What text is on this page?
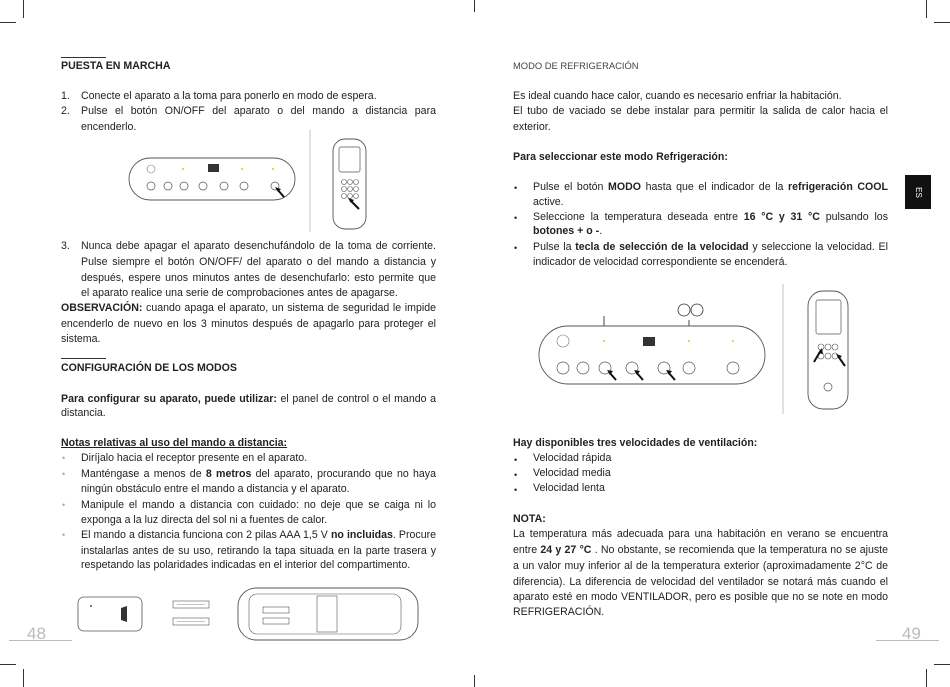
PUESTA EN MARCHA
1. Conecte el aparato a la toma para ponerlo en modo de espera.
2. Pulse el botón ON/OFF del aparato o del mando a distancia para
encenderlo.
3. Nunca debe apagar el aparato desenchufándolo de la toma de corriente.
Pulse siempre el botón ON/OFF/ del aparato o del mando a distancia y
después, espere unos minutos antes de desenchufarlo: esto permite que
el aparato realice una serie de comprobaciones antes de apagarse.
OBSERVACIÓN: cuando apaga el aparato, un sistema de seguridad le impide
encenderlo de nuevo en los 3 minutos después de apagarlo para proteger el
sistema.
CONFIGURACIÓN DE LOS MODOS
Para configurar su aparato, puede utilizar: el panel de control o el mando a
distancia.
Notas relativas al uso del mando a distancia:
• Diríjalo hacia el receptor presente en el aparato.
• Manténgase a menos de 8 metros del aparato, procurando que no haya
ningún obstáculo entre el mando a distancia y el aparato.
• Manipule el mando a distancia con cuidado: no deje que se caiga ni lo
exponga a la luz directa del sol ni a fuentes de calor.
• El mando a distancia funciona con 2 pilas AAA 1,5 V no incluidas. Procure
instalarlas antes de su uso, retirando la tapa situada en la parte trasera y
respetando las polaridades indicadas en el interior del compartimento.
48
MODO DE REFRIGERACIÓN
Es ideal cuando hace calor, cuando es necesario enfriar la habitación.
El tubo de vaciado se debe instalar para permitir la salida de calor hacia el
exterior.
Para seleccionar este modo Refrigeración:
• Pulse el botón MODO hasta que el indicador de la refrigeración COOL
active.
• Seleccione la temperatura deseada entre 16 °C y 31 °C pulsando los
botones + o -.
• Pulse la tecla de selección de la velocidad y seleccione la velocidad. El
indicador de velocidad correspondiente se encenderá.
Hay disponibles tres velocidades de ventilación:
• Velocidad rápida
• Velocidad media
• Velocidad lenta
NOTA:
La temperatura más adecuada para una habitación en verano se encuentra
entre 24 y 27 °C . No obstante, se recomienda que la temperatura no se ajuste
a un valor muy inferior al de la temperatura exterior (aproximadamente 2°C de
diferencia). La diferencia de velocidad del ventilador se notará más cuando el
aparato esté en modo VENTILADOR, pero es posible que no se note en modo
REFRIGERACIÓN.
ES
49
